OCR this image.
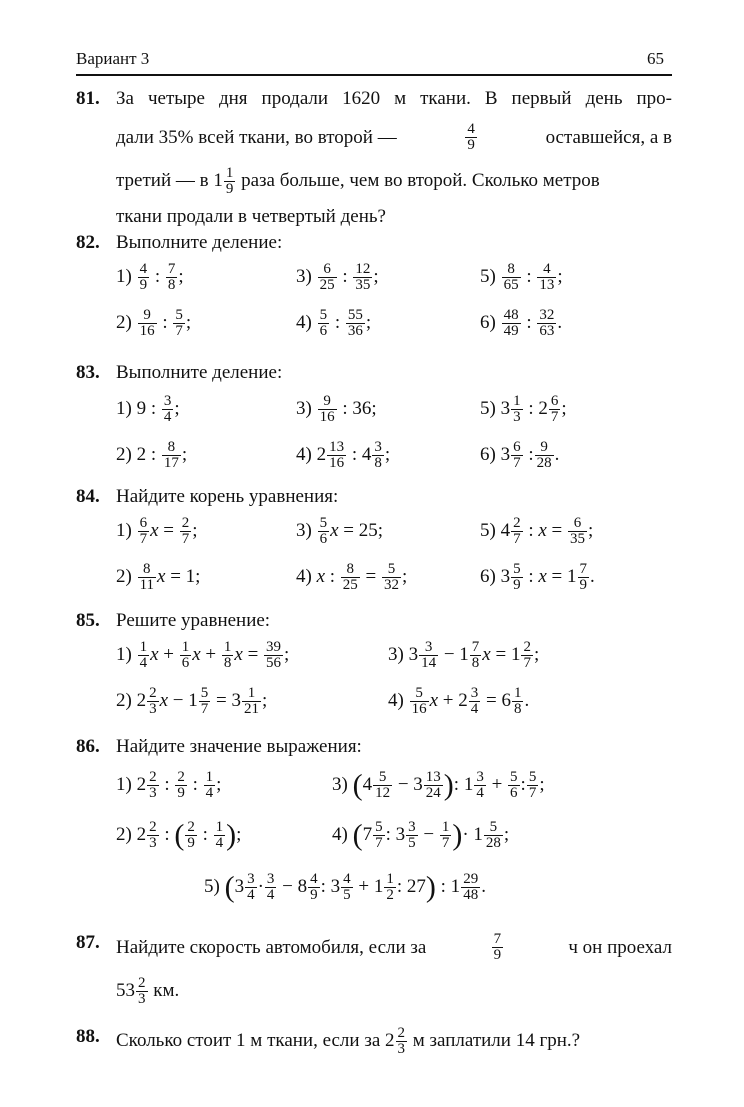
Вариант 3	65
81. За четыре дня продали 1620 м ткани. В первый день про-
дали 35% всей ткани, во второй —	$\frac{4}{9}$	оставшейся, а в
третий — в $1 \frac{1}{9}$ раза больше, чем во второй. Сколько метров
ткани продали в четвертый день?
82. Выполните деление:
$1) \frac{4}{9}$ : $\frac{7}{8}$ ;	$3) \frac{6}{25}$ : $\frac{12}{35}$ ;	$5) \frac{8}{65}$ : $\frac{4}{13}$ ;
$2) \frac{9}{16}$ : $\frac{5}{7}$ ;	$4) \frac{5}{6}$ : $\frac{55}{36}$ ;	$6) \frac{48}{49}$ : $\frac{32}{63}$ .
83. Выполните деление:
1) 9 : $\frac{3}{4}$ ;	$3) \frac{9}{16}$ : 36;	5) $3 \frac{1}{3}$ : $2 \frac{6}{7}$ ;
2) 2 : $\frac{8}{17}$ ;	4) $2 \frac{13}{16}$ : $4 \frac{3}{8}$ ;	6) $3 \frac{6}{7}$ : $\frac{9}{28}$ .
84. Найдите корень уравнения:
$1) \frac{6}{7}$ $x = \frac{2}{7}$ ;	$3) \frac{5}{6}$ x = 25;	5) $4 \frac{2}{7}$ : $x = \frac{6}{35}$ ;
$2) \frac{8}{11}$ x = 1;	4) x : $\frac{8}{25} = \frac{5}{32}$ ;	6) $3 \frac{5}{9}$ : $x = 1 \frac{7}{9}$ .
85. Решите уравнение:
$1) \frac{1}{4}$ $x + \frac{1}{6}$ $x + \frac{1}{8}$ $x = \frac{39}{56}$ ;	3) $3 \frac{3}{14} - 1 \frac{7}{8}$ $x = 1 \frac{2}{7}$ ;
2) $2 \frac{2}{3}$ $x - 1 \frac{5}{7} = 3 \frac{1}{21}$ ;	$4) \frac{5}{16}$ $x + 2 \frac{3}{4} = 6 \frac{1}{8}$ .
86. Найдите значение выражения:
1) $2 \frac{2}{3}$ : $\frac{2}{9}$ : $\frac{1}{4}$ ;	3) ($4 \frac{5}{12} - 3 \frac{13}{24}$ ): $1 \frac{3}{4} + \frac{5}{6}$ : $\frac{5}{7}$ ;
2) $2 \frac{2}{3}$ : ( $\frac{2}{9}$ : $\frac{1}{4}$ );	4) ($7 \frac{5}{7}$ : $3 \frac{3}{5} - \frac{1}{7}$ )· $1 \frac{5}{28}$ ;
5) ($3 \frac{3}{4} \cdot \frac{3}{4} - 8 \frac{4}{9}$ : $3 \frac{4}{5} + 1 \frac{1}{2}$ : 27) : $1 \frac{29}{48}$ .
87. Найдите скорость автомобиля, если за	$\frac{7}{9}$	ч он проехал
$53 \frac{2}{3}$ км.
88. Сколько стоит 1 м ткани, если за $2 \frac{2}{3}$ м заплатили 14 грн.?
